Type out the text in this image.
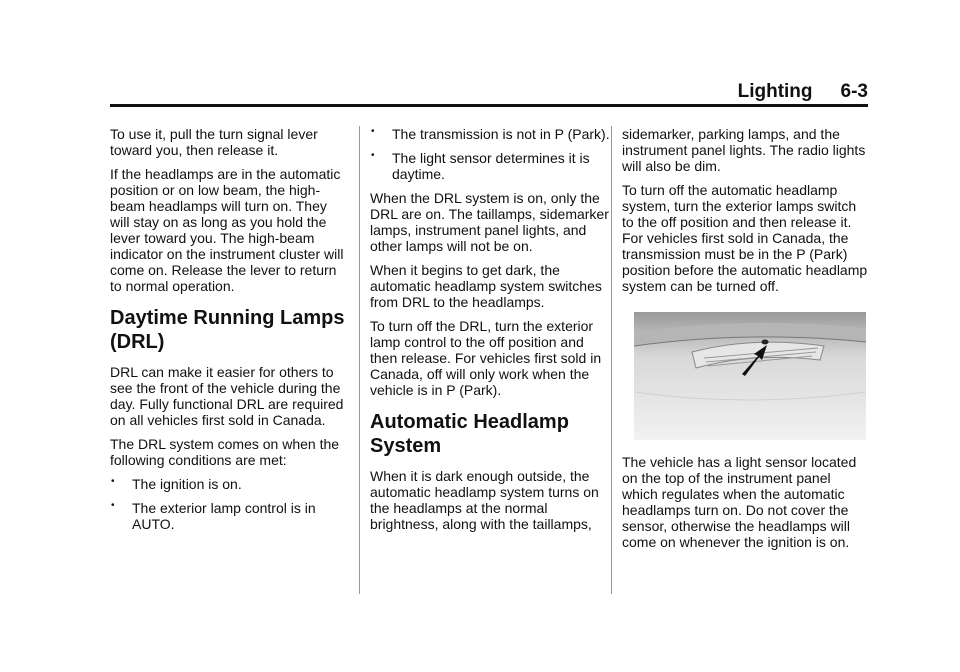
Lighting 6-3

To use it, pull the turn signal lever toward you, then release it.

If the headlamps are in the automatic position or on low beam, the high-beam headlamps will turn on. They will stay on as long as you hold the lever toward you. The high-beam indicator on the instrument cluster will come on. Release the lever to return to normal operation.

Daytime Running Lamps (DRL)

DRL can make it easier for others to see the front of the vehicle during the day. Fully functional DRL are required on all vehicles first sold in Canada.

The DRL system comes on when the following conditions are met:

• The ignition is on.
• The exterior lamp control is in AUTO.
• The transmission is not in P (Park).
• The light sensor determines it is daytime.

When the DRL system is on, only the DRL are on. The taillamps, sidemarker lamps, instrument panel lights, and other lamps will not be on.

When it begins to get dark, the automatic headlamp system switches from DRL to the headlamps.

To turn off the DRL, turn the exterior lamp control to the off position and then release. For vehicles first sold in Canada, off will only work when the vehicle is in P (Park).

Automatic Headlamp System

When it is dark enough outside, the automatic headlamp system turns on the headlamps at the normal brightness, along with the taillamps,

sidemarker, parking lamps, and the instrument panel lights. The radio lights will also be dim.

To turn off the automatic headlamp system, turn the exterior lamps switch to the off position and then release it. For vehicles first sold in Canada, the transmission must be in the P (Park) position before the automatic headlamp system can be turned off.

The vehicle has a light sensor located on the top of the instrument panel which regulates when the automatic headlamps turn on. Do not cover the sensor, otherwise the headlamps will come on whenever the ignition is on.
